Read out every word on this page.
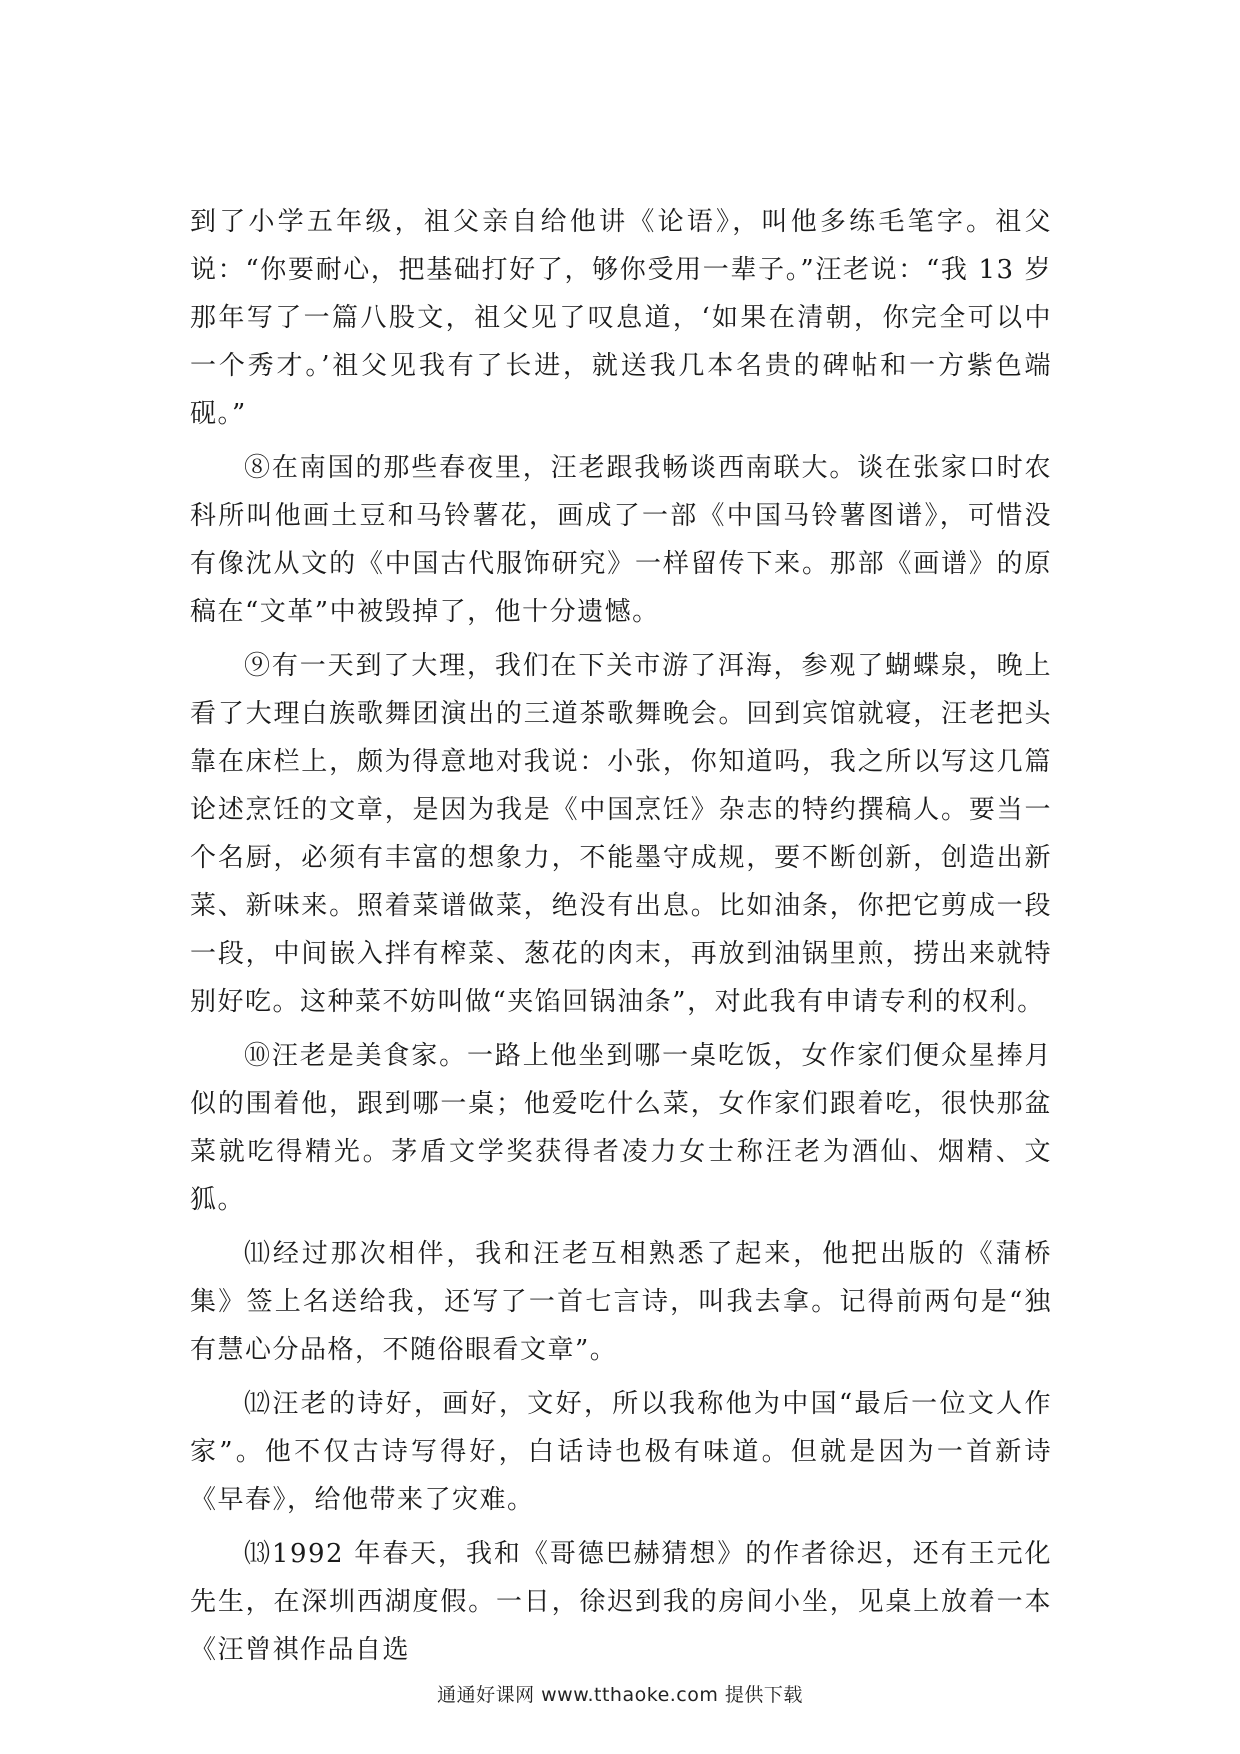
到了小学五年级，祖父亲自给他讲《论语》，叫他多练毛笔字。祖父说：“你要耐心，把基础打好了，够你受用一辈子。”汪老说：“我 13 岁那年写了一篇八股文，祖父见了叹息道，‘如果在清朝，你完全可以中一个秀才。’祖父见我有了长进，就送我几本名贵的碑帖和一方紫色端砚。”

⑧在南国的那些春夜里，汪老跟我畅谈西南联大。谈在张家口时农科所叫他画土豆和马铃薯花，画成了一部《中国马铃薯图谱》，可惜没有像沈从文的《中国古代服饰研究》一样留传下来。那部《画谱》的原稿在“文革”中被毁掉了，他十分遗憾。

⑨有一天到了大理，我们在下关市游了洱海，参观了蝴蝶泉，晚上看了大理白族歌舞团演出的三道茶歌舞晚会。回到宾馆就寝，汪老把头靠在床栏上，颇为得意地对我说：小张，你知道吗，我之所以写这几篇论述烹饪的文章，是因为我是《中国烹饪》杂志的特约撰稿人。要当一个名厨，必须有丰富的想象力，不能墨守成规，要不断创新，创造出新菜、新味来。照着菜谱做菜，绝没有出息。比如油条，你把它剪成一段一段，中间嵌入拌有榨菜、葱花的肉末，再放到油锅里煎，捞出来就特别好吃。这种菜不妨叫做“夹馅回锅油条”，对此我有申请专利的权利。

⑩汪老是美食家。一路上他坐到哪一桌吃饭，女作家们便众星捧月似的围着他，跟到哪一桌；他爱吃什么菜，女作家们跟着吃，很快那盆菜就吃得精光。茅盾文学奖获得者凌力女士称汪老为酒仙、烟精、文狐。

⑾经过那次相伴，我和汪老互相熟悉了起来，他把出版的《蒲桥集》签上名送给我，还写了一首七言诗，叫我去拿。记得前两句是“独有慧心分品格，不随俗眼看文章”。

⑿汪老的诗好，画好，文好，所以我称他为中国“最后一位文人作家”。他不仅古诗写得好，白话诗也极有味道。但就是因为一首新诗《早春》，给他带来了灾难。

⒀1992 年春天，我和《哥德巴赫猜想》的作者徐迟，还有王元化先生，在深圳西湖度假。一日，徐迟到我的房间小坐，见桌上放着一本《汪曾祺作品自选

通通好课网 www.tthaoke.com 提供下载
